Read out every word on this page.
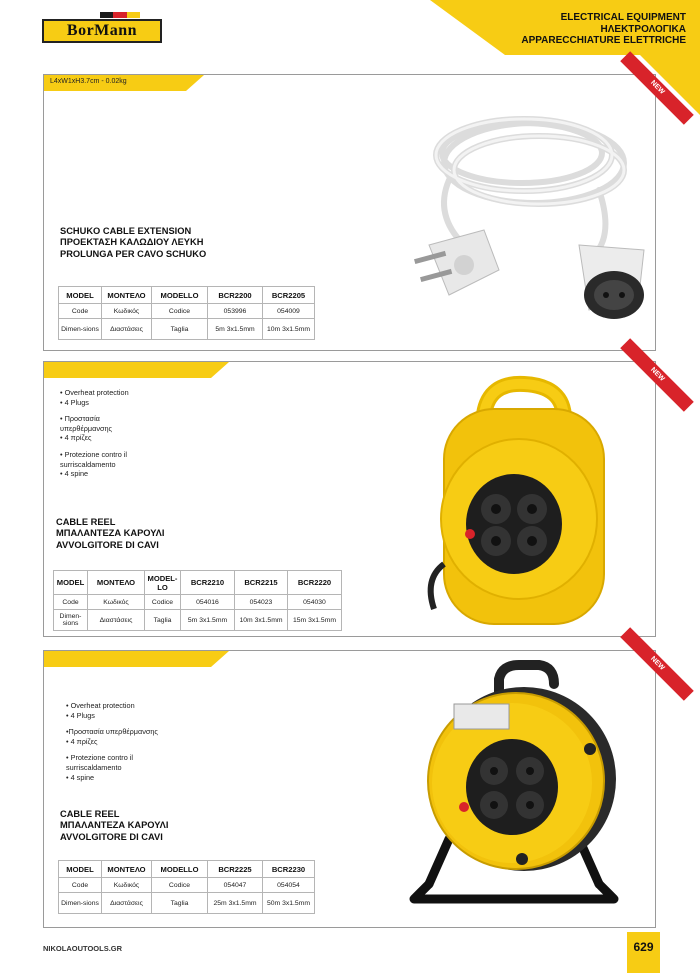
BorMann
ELECTRICAL EQUIPMENT
ΗΛΕΚΤΡΟΛΟΓΙΚΑ
APPARECCHIATURE ELETTRICHE
L4xW1xH3.7cm - 0.02kg	NEW
SCHUKO CABLE EXTENSION
ΠΡΟΕΚΤΑΣΗ ΚΑΛΩΔΙΟΥ ΛΕΥΚΗ
PROLUNGA PER CAVO SCHUKO
MODEL	ΜΟΝΤΕΛΟ	MODELLO	BCR2200	BCR2205
Code	Κωδικός	Codice	053996	054009
Dimen-sions	Διαστάσεις	Taglia	5m 3x1.5mm	10m 3x1.5mm
NEW

• Overheat protection

• 4 Plugs

• Προστασία

υπερθέρμανσης

• 4 πρίζες

• Protezione contro il

surriscaldamento

• 4 spine

CABLE REEL
ΜΠΑΛΑΝΤΕΖΑ ΚΑΡΟΥΛΙ
AVVOLGITORE DI CAVI
MODEL	ΜΟΝΤΕΛΟ	MODEL-LO	BCR2210	BCR2215	BCR2220
Code	Κωδικός	Codice	054016	054023	054030
Dimen-sions	Διαστάσεις	Taglia	5m 3x1.5mm	10m 3x1.5mm	15m 3x1.5mm
NEW

• Overheat protection

• 4 Plugs

•Προστασία υπερθέρμανσης

• 4 πρίζες

• Protezione contro il

surriscaldamento

• 4 spine

CABLE REEL
ΜΠΑΛΑΝΤΕΖΑ ΚΑΡΟΥΛΙ
AVVOLGITORE DI CAVI
MODEL	ΜΟΝΤΕΛΟ	MODELLO	BCR2225	BCR2230
Code	Κωδικός	Codice	054047	054054
Dimen-sions	Διαστάσεις	Taglia	25m 3x1.5mm	50m 3x1.5mm
NIKOLAOUTOOLS.GR	629
